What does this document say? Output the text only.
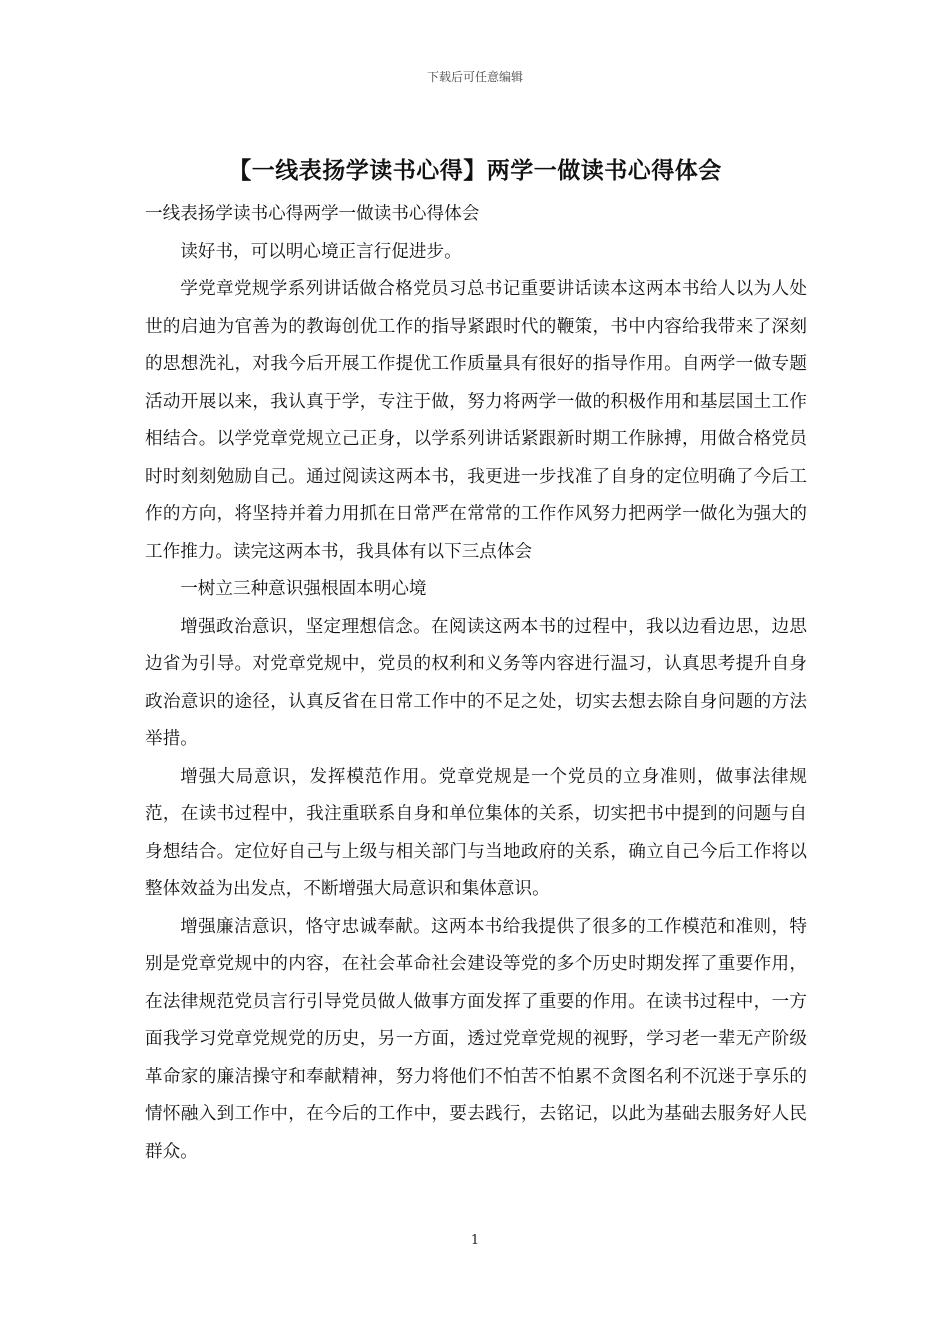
下载后可任意编辑
【一线表扬学读书心得】两学一做读书心得体会

一线表扬学读书心得两学一做读书心得体会

读好书，可以明心境正言行促进步。

学党章党规学系列讲话做合格党员习总书记重要讲话读本这两本书给人以为人处世的启迪为官善为的教诲创优工作的指导紧跟时代的鞭策，书中内容给我带来了深刻的思想洗礼，对我今后开展工作提优工作质量具有很好的指导作用。自两学一做专题活动开展以来，我认真于学，专注于做，努力将两学一做的积极作用和基层国土工作相结合。以学党章党规立己正身，以学系列讲话紧跟新时期工作脉搏，用做合格党员时时刻刻勉励自己。通过阅读这两本书，我更进一步找准了自身的定位明确了今后工作的方向，将坚持并着力用抓在日常严在常常的工作作风努力把两学一做化为强大的工作推力。读完这两本书，我具体有以下三点体会

一树立三种意识强根固本明心境

增强政治意识，坚定理想信念。在阅读这两本书的过程中，我以边看边思，边思边省为引导。对党章党规中，党员的权利和义务等内容进行温习，认真思考提升自身政治意识的途径，认真反省在日常工作中的不足之处，切实去想去除自身问题的方法举措。

增强大局意识，发挥模范作用。党章党规是一个党员的立身准则，做事法律规范，在读书过程中，我注重联系自身和单位集体的关系，切实把书中提到的问题与自身想结合。定位好自己与上级与相关部门与当地政府的关系，确立自己今后工作将以整体效益为出发点，不断增强大局意识和集体意识。

增强廉洁意识，恪守忠诚奉献。这两本书给我提供了很多的工作模范和准则，特别是党章党规中的内容，在社会革命社会建设等党的多个历史时期发挥了重要作用，在法律规范党员言行引导党员做人做事方面发挥了重要的作用。在读书过程中，一方面我学习党章党规党的历史，另一方面，透过党章党规的视野，学习老一辈无产阶级革命家的廉洁操守和奉献精神，努力将他们不怕苦不怕累不贪图名利不沉迷于享乐的情怀融入到工作中，在今后的工作中，要去践行，去铭记，以此为基础去服务好人民群众。

1
